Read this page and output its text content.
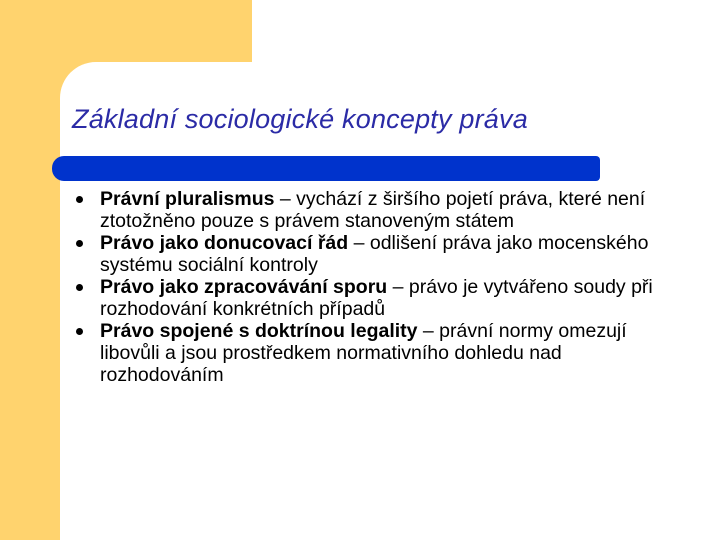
Základní sociologické koncepty práva
Právní pluralismus – vychází z širšího pojetí práva, které není ztotožněno pouze s právem stanoveným státem
Právo jako donucovací řád – odlišení práva jako mocenského systému sociální kontroly
Právo jako zpracovávání sporu – právo je vytvářeno soudy při rozhodování konkrétních případů
Právo spojené s doktrínou legality – právní normy omezují libovůli a jsou prostředkem normativního dohledu nad rozhodováním
